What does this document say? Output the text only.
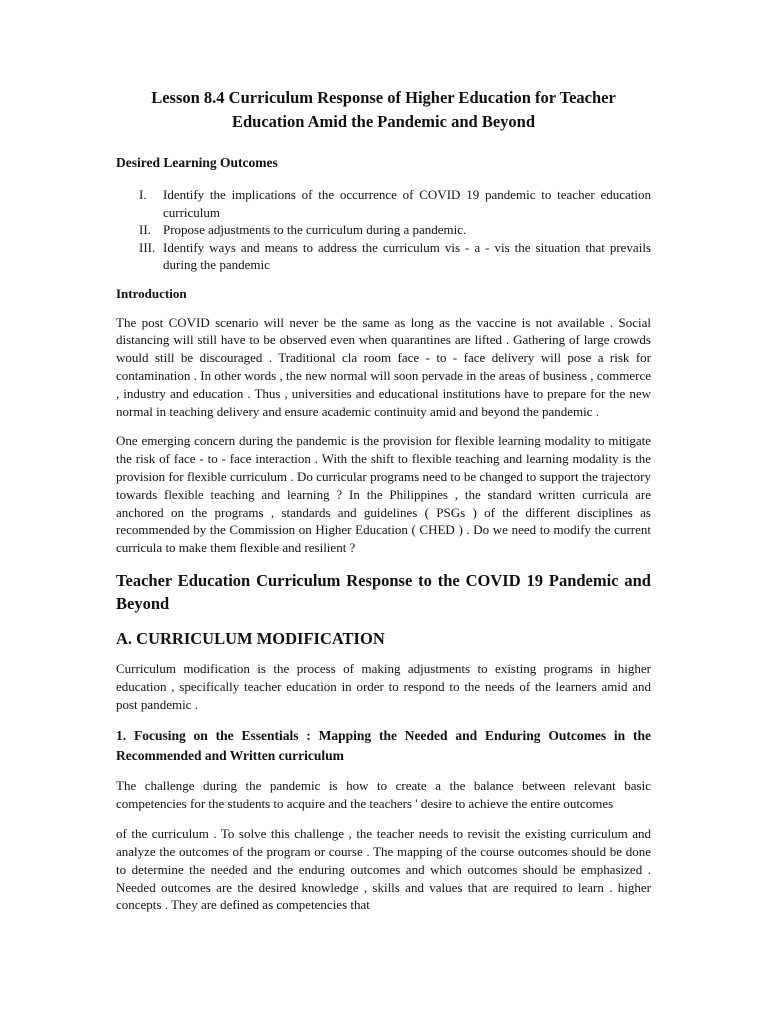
Lesson 8.4 Curriculum Response of Higher Education for Teacher Education Amid the Pandemic and Beyond
Desired Learning Outcomes
I. Identify the implications of the occurrence of COVID 19 pandemic to teacher education curriculum
II. Propose adjustments to the curriculum during a pandemic.
III. Identify ways and means to address the curriculum vis - a - vis the situation that prevails during the pandemic
Introduction

The post COVID scenario will never be the same as long as the vaccine is not available . Social distancing will still have to be observed even when quarantines are lifted . Gathering of large crowds would still be discouraged . Traditional cla room face - to - face delivery will pose a risk for contamination . In other words , the new normal will soon pervade in the areas of business , commerce , industry and education . Thus , universities and educational institutions have to prepare for the new normal in teaching delivery and ensure academic continuity amid and beyond the pandemic .

One emerging concern during the pandemic is the provision for flexible learning modality to mitigate the risk of face - to - face interaction . With the shift to flexible teaching and learning modality is the provision for flexible curriculum . Do curricular programs need to be changed to support the trajectory towards flexible teaching and learning ? In the Philippines , the standard written curricula are anchored on the programs , standards and guidelines ( PSGs ) of the different disciplines as recommended by the Commission on Higher Education ( CHED ) . Do we need to modify the current curricula to make them flexible and resilient ?

Teacher Education Curriculum Response to the COVID 19 Pandemic and Beyond
A. CURRICULUM MODIFICATION

Curriculum modification is the process of making adjustments to existing programs in higher education , specifically teacher education in order to respond to the needs of the learners amid and post pandemic .

1. Focusing on the Essentials : Mapping the Needed and Enduring Outcomes in the Recommended and Written curriculum

The challenge during the pandemic is how to create a the balance between relevant basic competencies for the students to acquire and the teachers ' desire to achieve the entire outcomes

of the curriculum . To solve this challenge , the teacher needs to revisit the existing curriculum and analyze the outcomes of the program or course . The mapping of the course outcomes should be done to determine the needed and the enduring outcomes and which outcomes should be emphasized . Needed outcomes are the desired knowledge , skills and values that are required to learn . higher concepts . They are defined as competencies that
